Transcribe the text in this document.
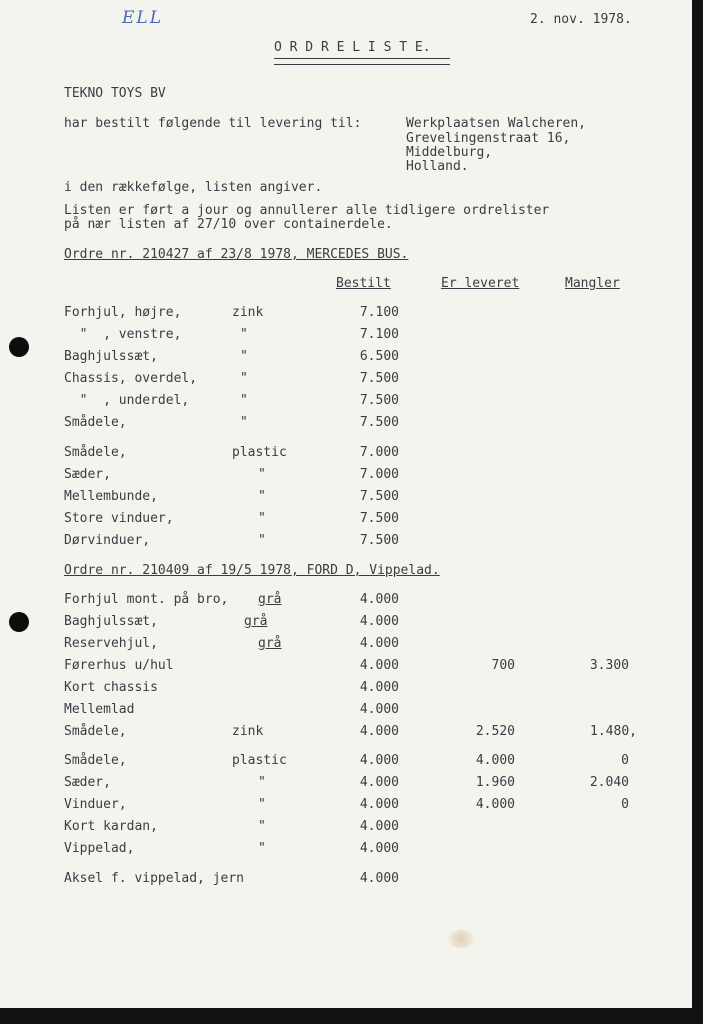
ELL	2. nov. 1978.
O R D R E L I S T E.
TEKNO TOYS BV
har bestilt følgende til levering til:	Werkplaatsen Walcheren,
Grevelingenstraat 16,
Middelburg,
Holland.
i den rækkefølge, listen angiver.
Listen er ført a jour og annullerer alle tidligere ordrelister
på nær listen af 27/10 over containerdele.
Ordre nr. 210427 af 23/8 1978, MERCEDES BUS.
Bestilt	Er leveret	Mangler
Forhjul, højre,	zink	7.100
"  , venstre,	"	7.100
Baghjulssæt,	"	6.500
Chassis, overdel,	"	7.500
"  , underdel,	"	7.500
Smådele,	"	7.500
Smådele,	plastic	7.000
Sæder,	"	7.000
Mellembunde,	"	7.500
Store vinduer,	"	7.500
Dørvinduer,	"	7.500
Ordre nr. 210409 af 19/5 1978, FORD D, Vippelad.
Forhjul mont. på bro, grå	4.000
Baghjulssæt,	grå	4.000
Reservehjul,	grå	4.000
Førerhus u/hul	4.000	700	3.300
Kort chassis	4.000
Mellemlad	4.000
Smådele,	zink	4.000	2.520	1.480,
Smådele,	plastic	4.000	4.000	0
Sæder,	"	4.000	1.960	2.040
Vinduer,	"	4.000	4.000	0
Kort kardan,	"	4.000
Vippelad,	"	4.000
Aksel f. vippelad, jern	4.000
